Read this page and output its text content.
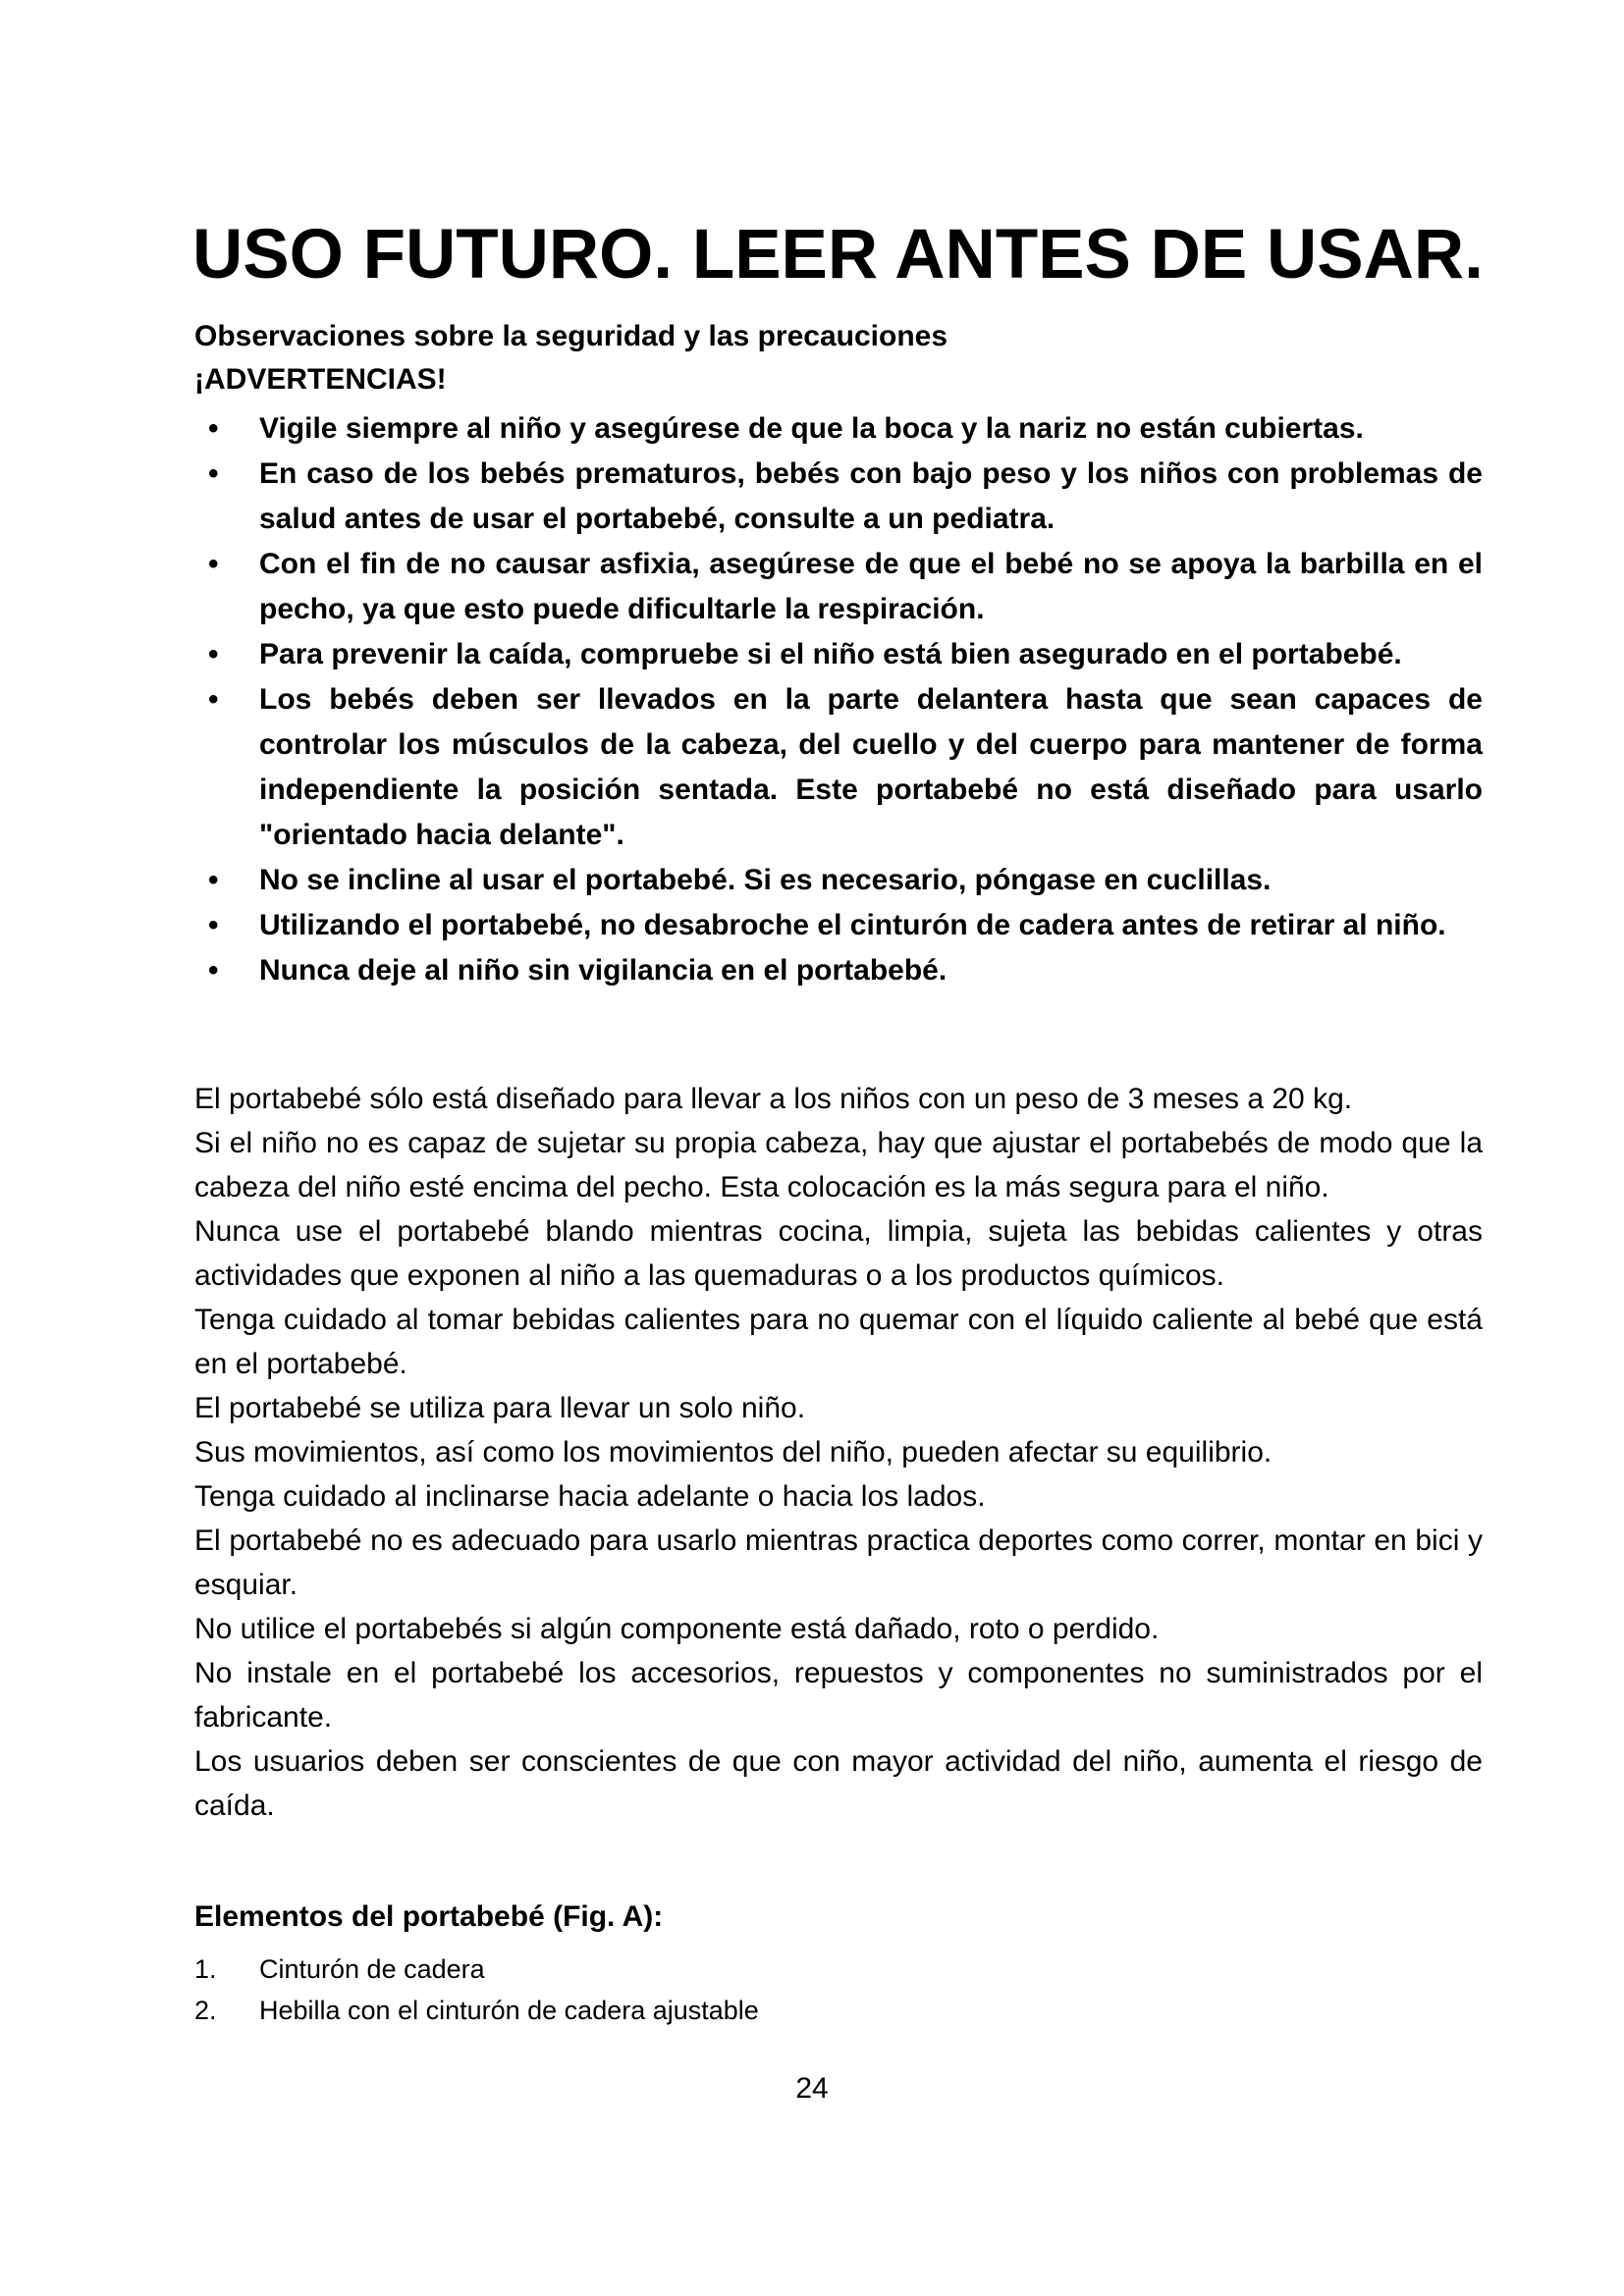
USO FUTURO. LEER ANTES DE USAR.

Observaciones sobre la seguridad y las precauciones

¡ADVERTENCIAS!

• Vigile siempre al niño y asegúrese de que la boca y la nariz no están cubiertas.
• En caso de los bebés prematuros, bebés con bajo peso y los niños con problemas de salud antes de usar el portabebé, consulte a un pediatra.
• Con el fin de no causar asfixia, asegúrese de que el bebé no se apoya la barbilla en el pecho, ya que esto puede dificultarle la respiración.
• Para prevenir la caída, compruebe si el niño está bien asegurado en el portabebé.
• Los bebés deben ser llevados en la parte delantera hasta que sean capaces de controlar los músculos de la cabeza, del cuello y del cuerpo para mantener de forma independiente la posición sentada. Este portabebé no está diseñado para usarlo "orientado hacia delante".
• No se incline al usar el portabebé. Si es necesario, póngase en cuclillas.
• Utilizando el portabebé, no desabroche el cinturón de cadera antes de retirar al niño.
• Nunca deje al niño sin vigilancia en el portabebé.

El portabebé sólo está diseñado para llevar a los niños con un peso de 3 meses a 20 kg.

Si el niño no es capaz de sujetar su propia cabeza, hay que ajustar el portabebés de modo que la cabeza del niño esté encima del pecho. Esta colocación es la más segura para el niño.

Nunca use el portabebé blando mientras cocina, limpia, sujeta las bebidas calientes y otras actividades que exponen al niño a las quemaduras o a los productos químicos.

Tenga cuidado al tomar bebidas calientes para no quemar con el líquido caliente al bebé que está en el portabebé.

El portabebé se utiliza para llevar un solo niño.

Sus movimientos, así como los movimientos del niño, pueden afectar su equilibrio.

Tenga cuidado al inclinarse hacia adelante o hacia los lados.

El portabebé no es adecuado para usarlo mientras practica deportes como correr, montar en bici y esquiar.

No utilice el portabebés si algún componente está dañado, roto o perdido.

No instale en el portabebé los accesorios, repuestos y componentes no suministrados por el fabricante.

Los usuarios deben ser conscientes de que con mayor actividad del niño, aumenta el riesgo de caída.

Elementos del portabebé (Fig. A):

1. Cinturón de cadera
2. Hebilla con el cinturón de cadera ajustable
24
